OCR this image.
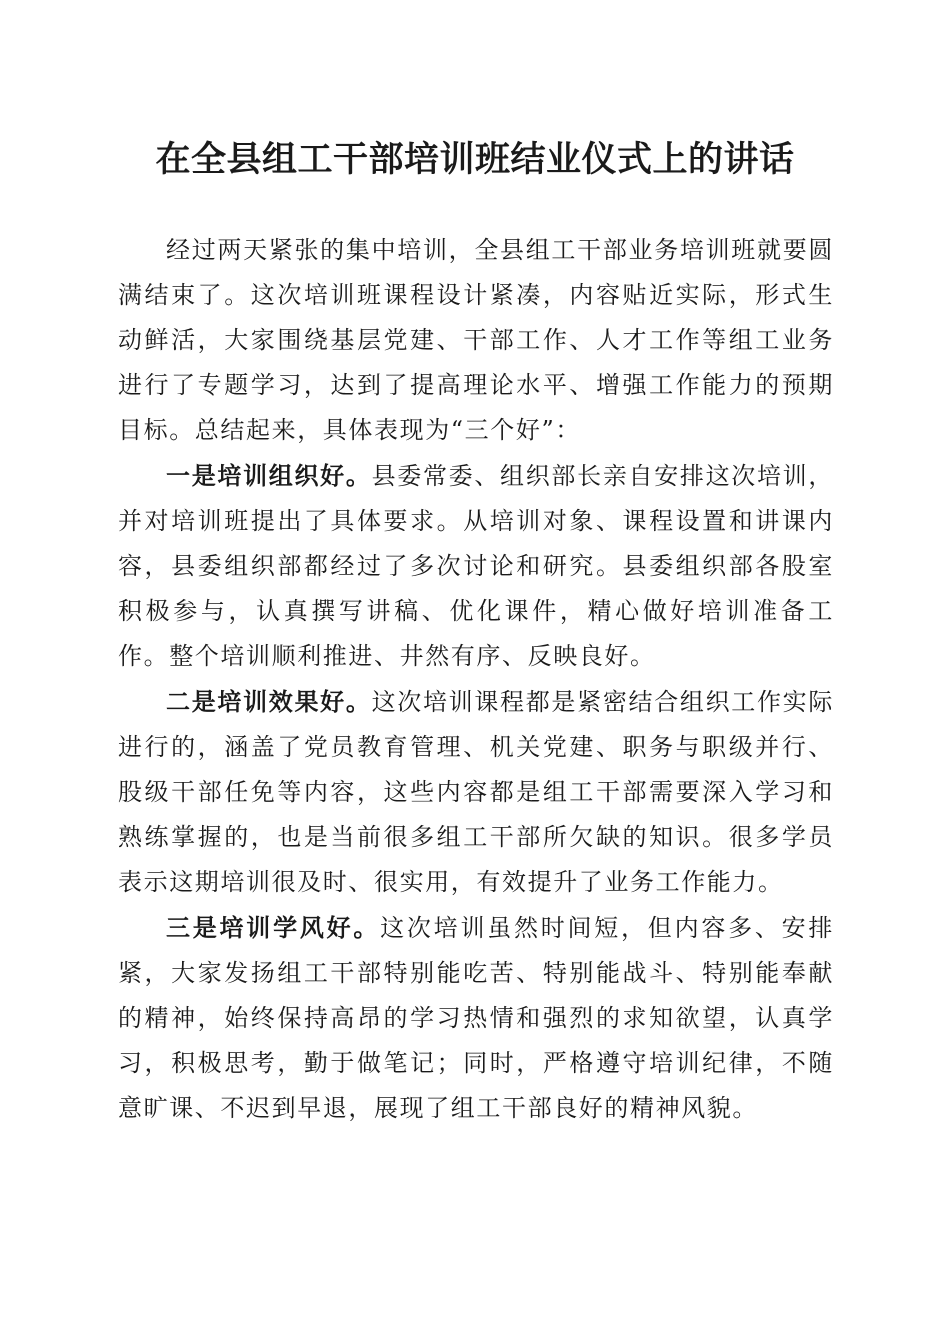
在全县组工干部培训班结业仪式上的讲话

经过两天紧张的集中培训，全县组工干部业务培训班就要圆满结束了。这次培训班课程设计紧凑，内容贴近实际，形式生动鲜活，大家围绕基层党建、干部工作、人才工作等组工业务进行了专题学习，达到了提高理论水平、增强工作能力的预期目标。总结起来，具体表现为“三个好”：

一是培训组织好。县委常委、组织部长亲自安排这次培训，并对培训班提出了具体要求。从培训对象、课程设置和讲课内容，县委组织部都经过了多次讨论和研究。县委组织部各股室积极参与，认真撰写讲稿、优化课件，精心做好培训准备工作。整个培训顺利推进、井然有序、反映良好。

二是培训效果好。这次培训课程都是紧密结合组织工作实际进行的，涵盖了党员教育管理、机关党建、职务与职级并行、股级干部任免等内容，这些内容都是组工干部需要深入学习和熟练掌握的，也是当前很多组工干部所欠缺的知识。很多学员表示这期培训很及时、很实用，有效提升了业务工作能力。

三是培训学风好。这次培训虽然时间短，但内容多、安排紧，大家发扬组工干部特别能吃苦、特别能战斗、特别能奉献的精神，始终保持高昂的学习热情和强烈的求知欲望，认真学习，积极思考，勤于做笔记；同时，严格遵守培训纪律，不随意旷课、不迟到早退，展现了组工干部良好的精神风貌。
